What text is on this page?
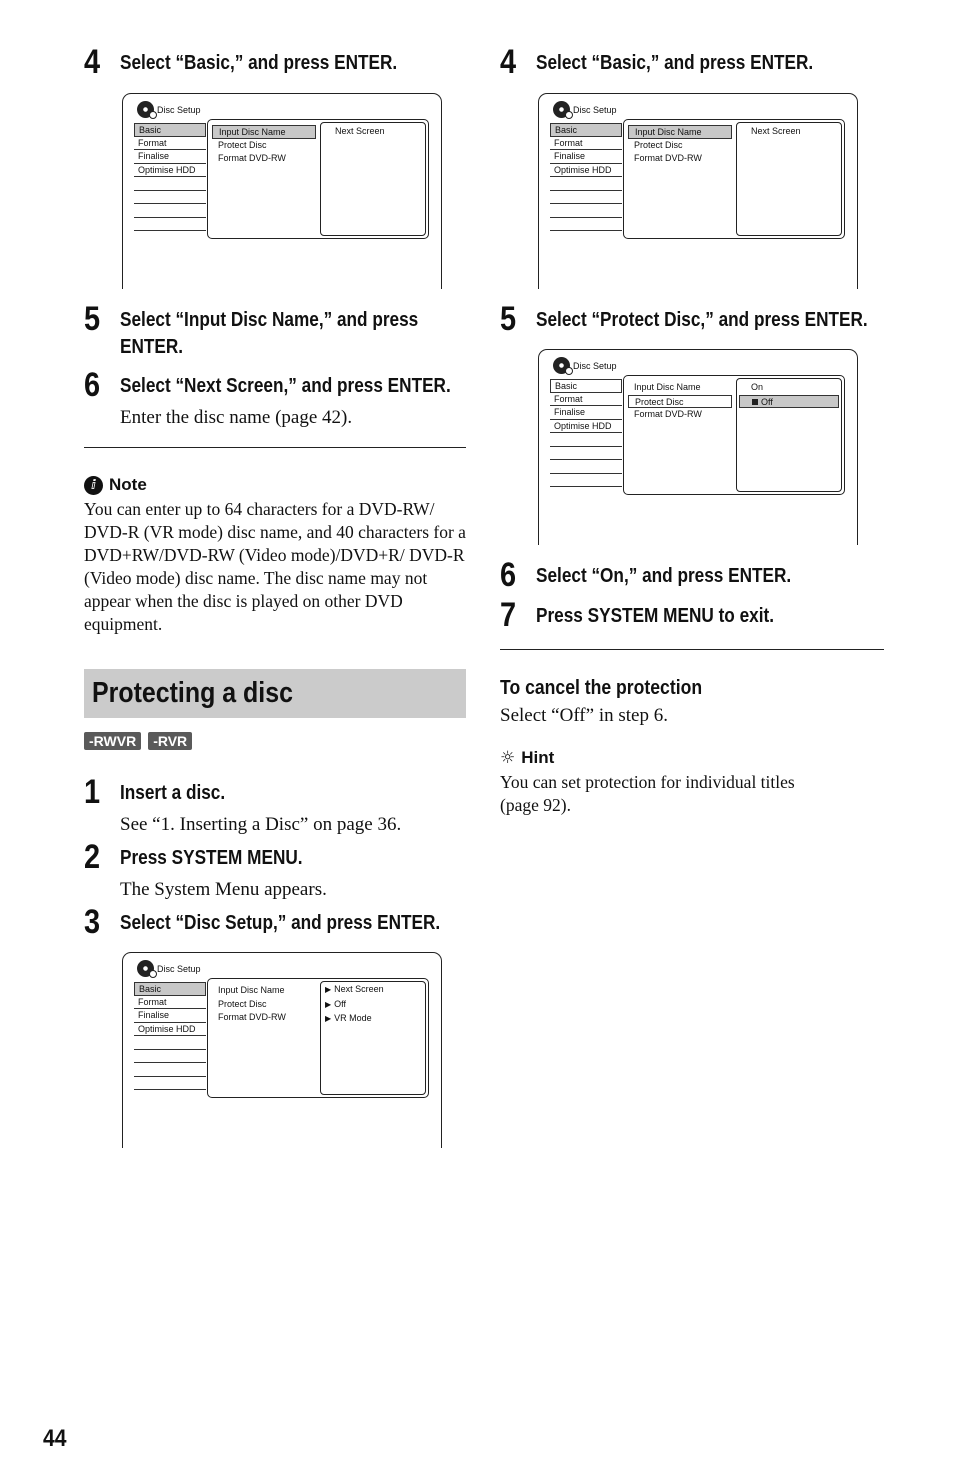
4 Select “Basic,” and press ENTER.
Disc Setup
Basic
Format
Finalise
Optimise HDD
Input Disc Name
Protect Disc
Format DVD-RW
Next Screen
5 Select “Input Disc Name,” and press ENTER.
6 Select “Next Screen,” and press ENTER.
Enter the disc name (page 42).
ⅈ Note
You can enter up to 64 characters for a DVD-RW/ DVD-R (VR mode) disc name, and 40 characters for a DVD+RW/DVD-RW (Video mode)/DVD+R/ DVD-R (Video mode) disc name. The disc name may not appear when the disc is played on other DVD equipment.
Protecting a disc
-RWVR	-RVR
1 Insert a disc.
See “1. Inserting a Disc” on page 36.
2 Press SYSTEM MENU.
The System Menu appears.
3 Select “Disc Setup,” and press ENTER.
Disc Setup
Basic
Format
Finalise
Optimise HDD
Input Disc Name
Protect Disc
Format DVD-RW
▶ Next Screen
▶ Off
▶ VR Mode
4 Select “Basic,” and press ENTER.
Disc Setup
Basic
Format
Finalise
Optimise HDD
Input Disc Name
Protect Disc
Format DVD-RW
Next Screen
5 Select “Protect Disc,” and press ENTER.
Disc Setup
Basic
Format
Finalise
Optimise HDD
Input Disc Name
Protect Disc
Format DVD-RW
On
Off
6 Select “On,” and press ENTER.
7 Press SYSTEM MENU to exit.
To cancel the protection
Select “Off” in step 6.
☼ Hint
You can set protection for individual titles (page 92).
44
